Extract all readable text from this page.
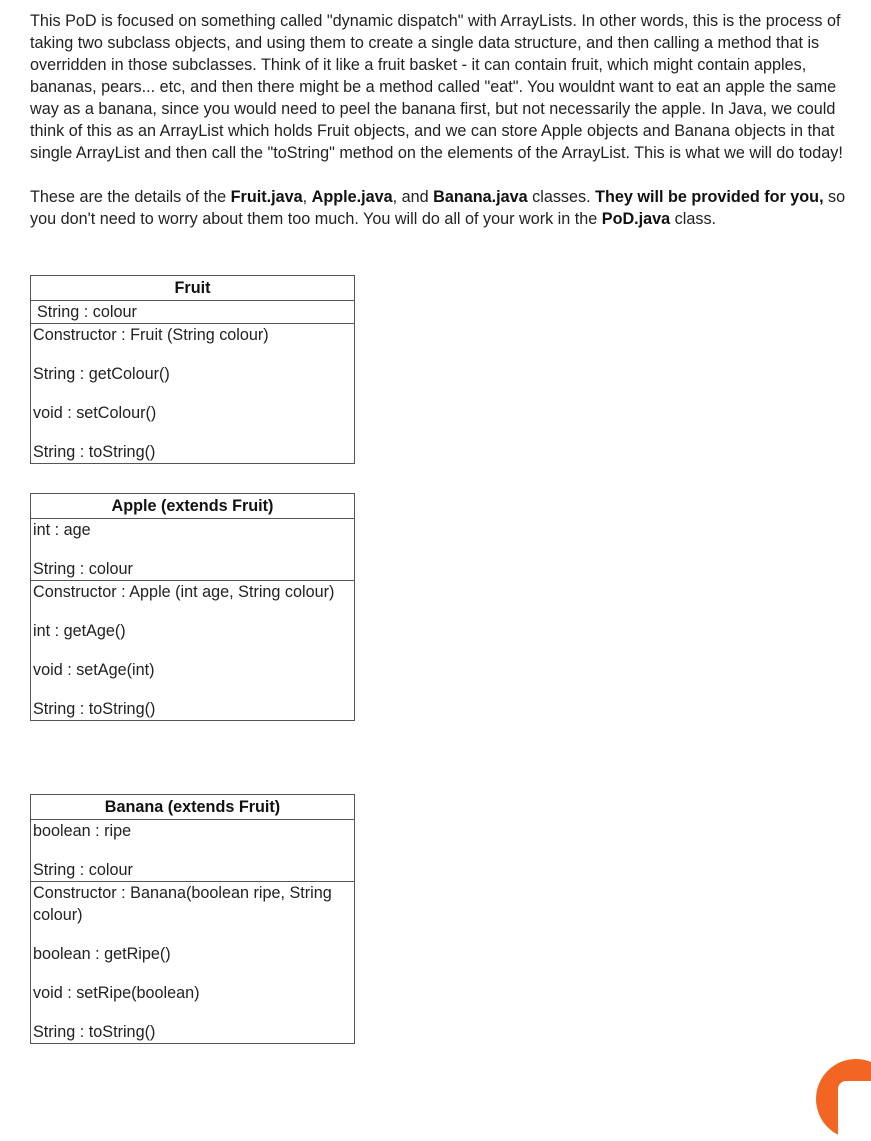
This PoD is focused on something called "dynamic dispatch" with ArrayLists. In other words, this is the process of taking two subclass objects, and using them to create a single data structure, and then calling a method that is overridden in those subclasses. Think of it like a fruit basket - it can contain fruit, which might contain apples, bananas, pears... etc, and then there might be a method called "eat". You wouldnt want to eat an apple the same way as a banana, since you would need to peel the banana first, but not necessarily the apple. In Java, we could think of this as an ArrayList which holds Fruit objects, and we can store Apple objects and Banana objects in that single ArrayList and then call the "toString" method on the elements of the ArrayList. This is what we will do today!

These are the details of the Fruit.java, Apple.java, and Banana.java classes. They will be provided for you, so you don't need to worry about them too much. You will do all of your work in the PoD.java class.

Fruit

String : colour

Constructor : Fruit (String colour)
String : getColour()
void : setColour()
String : toString()
Apple (extends Fruit)

int : age
String : colour

Constructor : Apple (int age, String colour)
int : getAge()
void : setAge(int)
String : toString()
Banana (extends Fruit)

boolean : ripe
String : colour

Constructor : Banana(boolean ripe, String colour)
boolean : getRipe()
void : setRipe(boolean)
String : toString()
